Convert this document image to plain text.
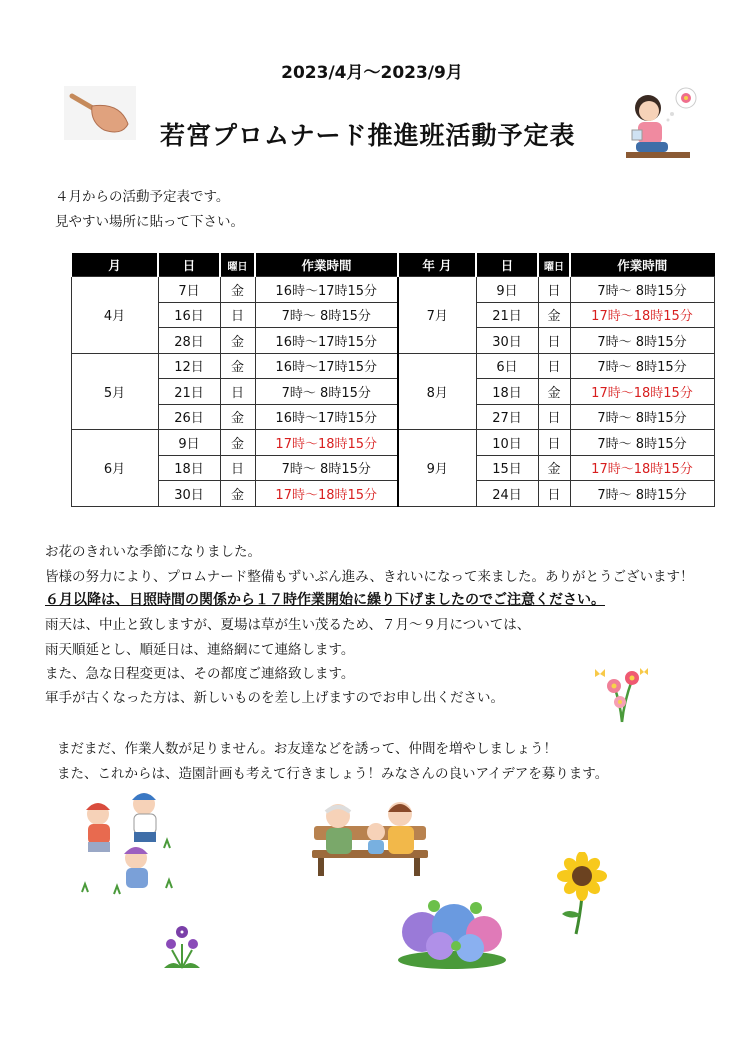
2023/4月～2023/9月
若宮プロムナード推進班活動予定表
４月からの活動予定表です。
見やすい場所に貼って下さい。
月	日	曜日	作業時間	年 月	日	曜日	作業時間
4月	7日	金	16時～17時15分	7月	9日	日	7時～ 8時15分
	16日	日	7時～ 8時15分		21日	金	17時～18時15分
	28日	金	16時～17時15分		30日	日	7時～ 8時15分
5月	12日	金	16時～17時15分	8月	6日	日	7時～ 8時15分
	21日	日	7時～ 8時15分		18日	金	17時～18時15分
	26日	金	16時～17時15分		27日	日	7時～ 8時15分
6月	9日	金	17時～18時15分	9月	10日	日	7時～ 8時15分
	18日	日	7時～ 8時15分		15日	金	17時～18時15分
	30日	金	17時～18時15分		24日	日	7時～ 8時15分
お花のきれいな季節になりました。
皆様の努力により、プロムナード整備もずいぶん進み、きれいになって来ました。ありがとうございます！
６月以降は、日照時間の関係から１７時作業開始に繰り下げましたのでご注意ください。
雨天は、中止と致しますが、夏場は草が生い茂るため、７月～９月については、
雨天順延とし、順延日は、連絡網にて連絡します。
また、急な日程変更は、その都度ご連絡致します。
軍手が古くなった方は、新しいものを差し上げますのでお申し出ください。
まだまだ、作業人数が足りません。お友達などを誘って、仲間を増やしましょう！
また、これからは、造園計画も考えて行きましょう！みなさんの良いアイデアを募ります。
